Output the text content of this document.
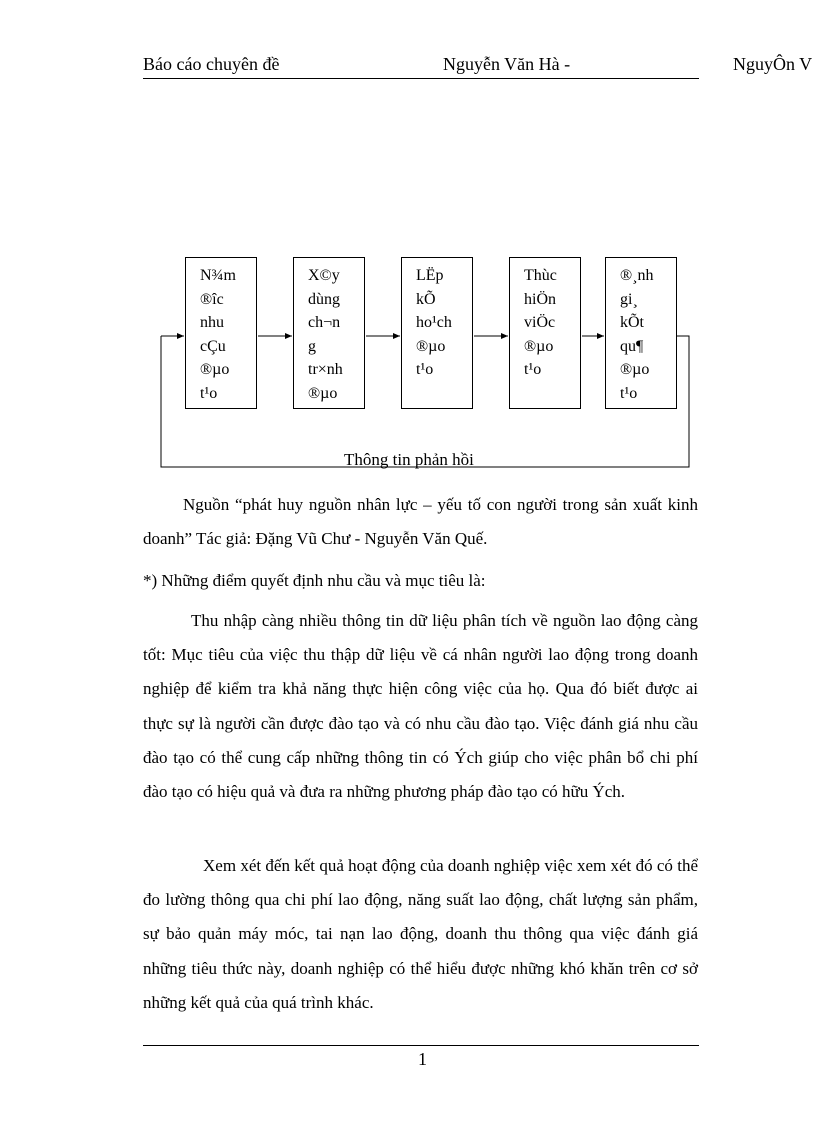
Báo cáo chuyên đề	Nguyễn Văn Hà -	NguyÔn V
N¾m
®îc
nhu
cÇu
®µo
t¹o
X©y
dùng
ch¬n
g
tr×nh
®µo
LËp
kÕ
ho¹ch
®µo
t¹o
Thùc
hiÖn
viÖc
®µo
t¹o
®¸nh
gi¸
kÕt
qu¶
®µo
t¹o
Thông tin phản hồi

Nguồn “phát huy nguồn nhân lực – yếu tố con người trong sản xuất kinh doanh” Tác giả: Đặng Vũ Chư - Nguyễn Văn Quế.

*) Những điểm quyết định nhu cầu và mục tiêu là:

Thu nhập càng nhiều thông tin dữ liệu phân tích về nguồn lao động càng tốt: Mục tiêu của việc thu thập dữ liệu về cá nhân người lao động trong doanh nghiệp để kiểm tra khả năng thực hiện công việc của họ. Qua đó biết được ai thực sự là người cần được đào tạo và có nhu cầu đào tạo. Việc đánh giá nhu cầu đào tạo có thể cung cấp những thông tin có Ých giúp cho việc phân bổ chi phí đào tạo có hiệu quả và đưa ra những phương pháp đào tạo có hữu Ých.

Xem xét đến kết quả hoạt động của doanh nghiệp việc xem xét đó có thể đo lường thông qua chi phí lao động, năng suất lao động, chất lượng sản phẩm, sự bảo quản máy móc, tai nạn lao động, doanh thu thông qua việc đánh giá những tiêu thức này, doanh nghiệp có thể hiểu được những khó khăn trên cơ sở những kết quả của quá trình khác.

1
